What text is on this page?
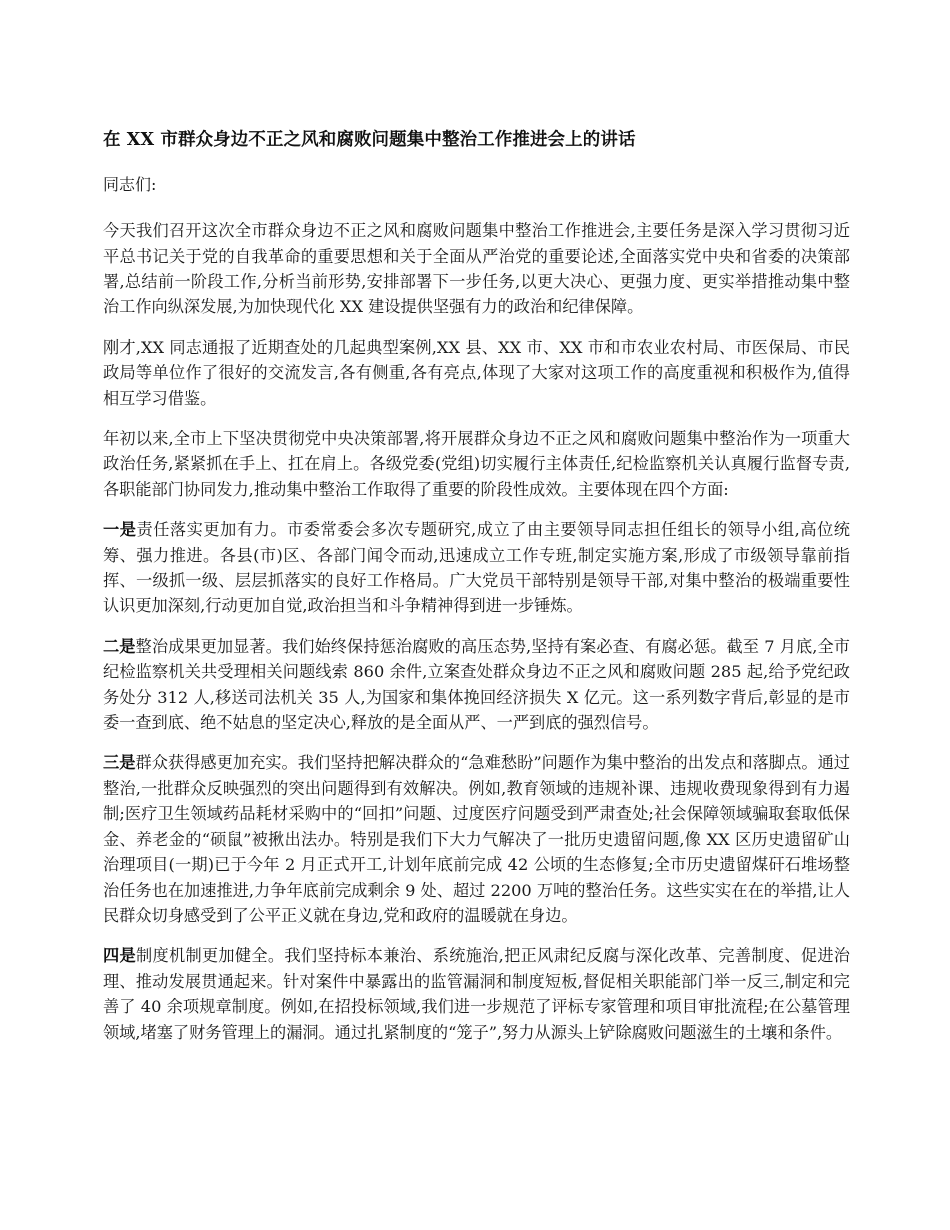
在 XX 市群众身边不正之风和腐败问题集中整治工作推进会上的讲话

同志们:

今天我们召开这次全市群众身边不正之风和腐败问题集中整治工作推进会,主要任务是深入学习贯彻习近平总书记关于党的自我革命的重要思想和关于全面从严治党的重要论述,全面落实党中央和省委的决策部署,总结前一阶段工作,分析当前形势,安排部署下一步任务,以更大决心、更强力度、更实举措推动集中整治工作向纵深发展,为加快现代化 XX 建设提供坚强有力的政治和纪律保障。

刚才,XX 同志通报了近期查处的几起典型案例,XX 县、XX 市、XX 市和市农业农村局、市医保局、市民政局等单位作了很好的交流发言,各有侧重,各有亮点,体现了大家对这项工作的高度重视和积极作为,值得相互学习借鉴。

年初以来,全市上下坚决贯彻党中央决策部署,将开展群众身边不正之风和腐败问题集中整治作为一项重大政治任务,紧紧抓在手上、扛在肩上。各级党委(党组)切实履行主体责任,纪检监察机关认真履行监督专责,各职能部门协同发力,推动集中整治工作取得了重要的阶段性成效。主要体现在四个方面:

一是责任落实更加有力。市委常委会多次专题研究,成立了由主要领导同志担任组长的领导小组,高位统筹、强力推进。各县(市)区、各部门闻令而动,迅速成立工作专班,制定实施方案,形成了市级领导靠前指挥、一级抓一级、层层抓落实的良好工作格局。广大党员干部特别是领导干部,对集中整治的极端重要性认识更加深刻,行动更加自觉,政治担当和斗争精神得到进一步锤炼。

二是整治成果更加显著。我们始终保持惩治腐败的高压态势,坚持有案必查、有腐必惩。截至 7 月底,全市纪检监察机关共受理相关问题线索 860 余件,立案查处群众身边不正之风和腐败问题 285 起,给予党纪政务处分 312 人,移送司法机关 35 人,为国家和集体挽回经济损失 X 亿元。这一系列数字背后,彰显的是市委一查到底、绝不姑息的坚定决心,释放的是全面从严、一严到底的强烈信号。

三是群众获得感更加充实。我们坚持把解决群众的“急难愁盼”问题作为集中整治的出发点和落脚点。通过整治,一批群众反映强烈的突出问题得到有效解决。例如,教育领域的违规补课、违规收费现象得到有力遏制;医疗卫生领域药品耗材采购中的“回扣”问题、过度医疗问题受到严肃查处;社会保障领域骗取套取低保金、养老金的“硕鼠”被揪出法办。特别是我们下大力气解决了一批历史遗留问题,像 XX 区历史遗留矿山治理项目(一期)已于今年 2 月正式开工,计划年底前完成 42 公顷的生态修复;全市历史遗留煤矸石堆场整治任务也在加速推进,力争年底前完成剩余 9 处、超过 2200 万吨的整治任务。这些实实在在的举措,让人民群众切身感受到了公平正义就在身边,党和政府的温暖就在身边。

四是制度机制更加健全。我们坚持标本兼治、系统施治,把正风肃纪反腐与深化改革、完善制度、促进治理、推动发展贯通起来。针对案件中暴露出的监管漏洞和制度短板,督促相关职能部门举一反三,制定和完善了 40 余项规章制度。例如,在招投标领域,我们进一步规范了评标专家管理和项目审批流程;在公墓管理领域,堵塞了财务管理上的漏洞。通过扎紧制度的“笼子”,努力从源头上铲除腐败问题滋生的土壤和条件。
